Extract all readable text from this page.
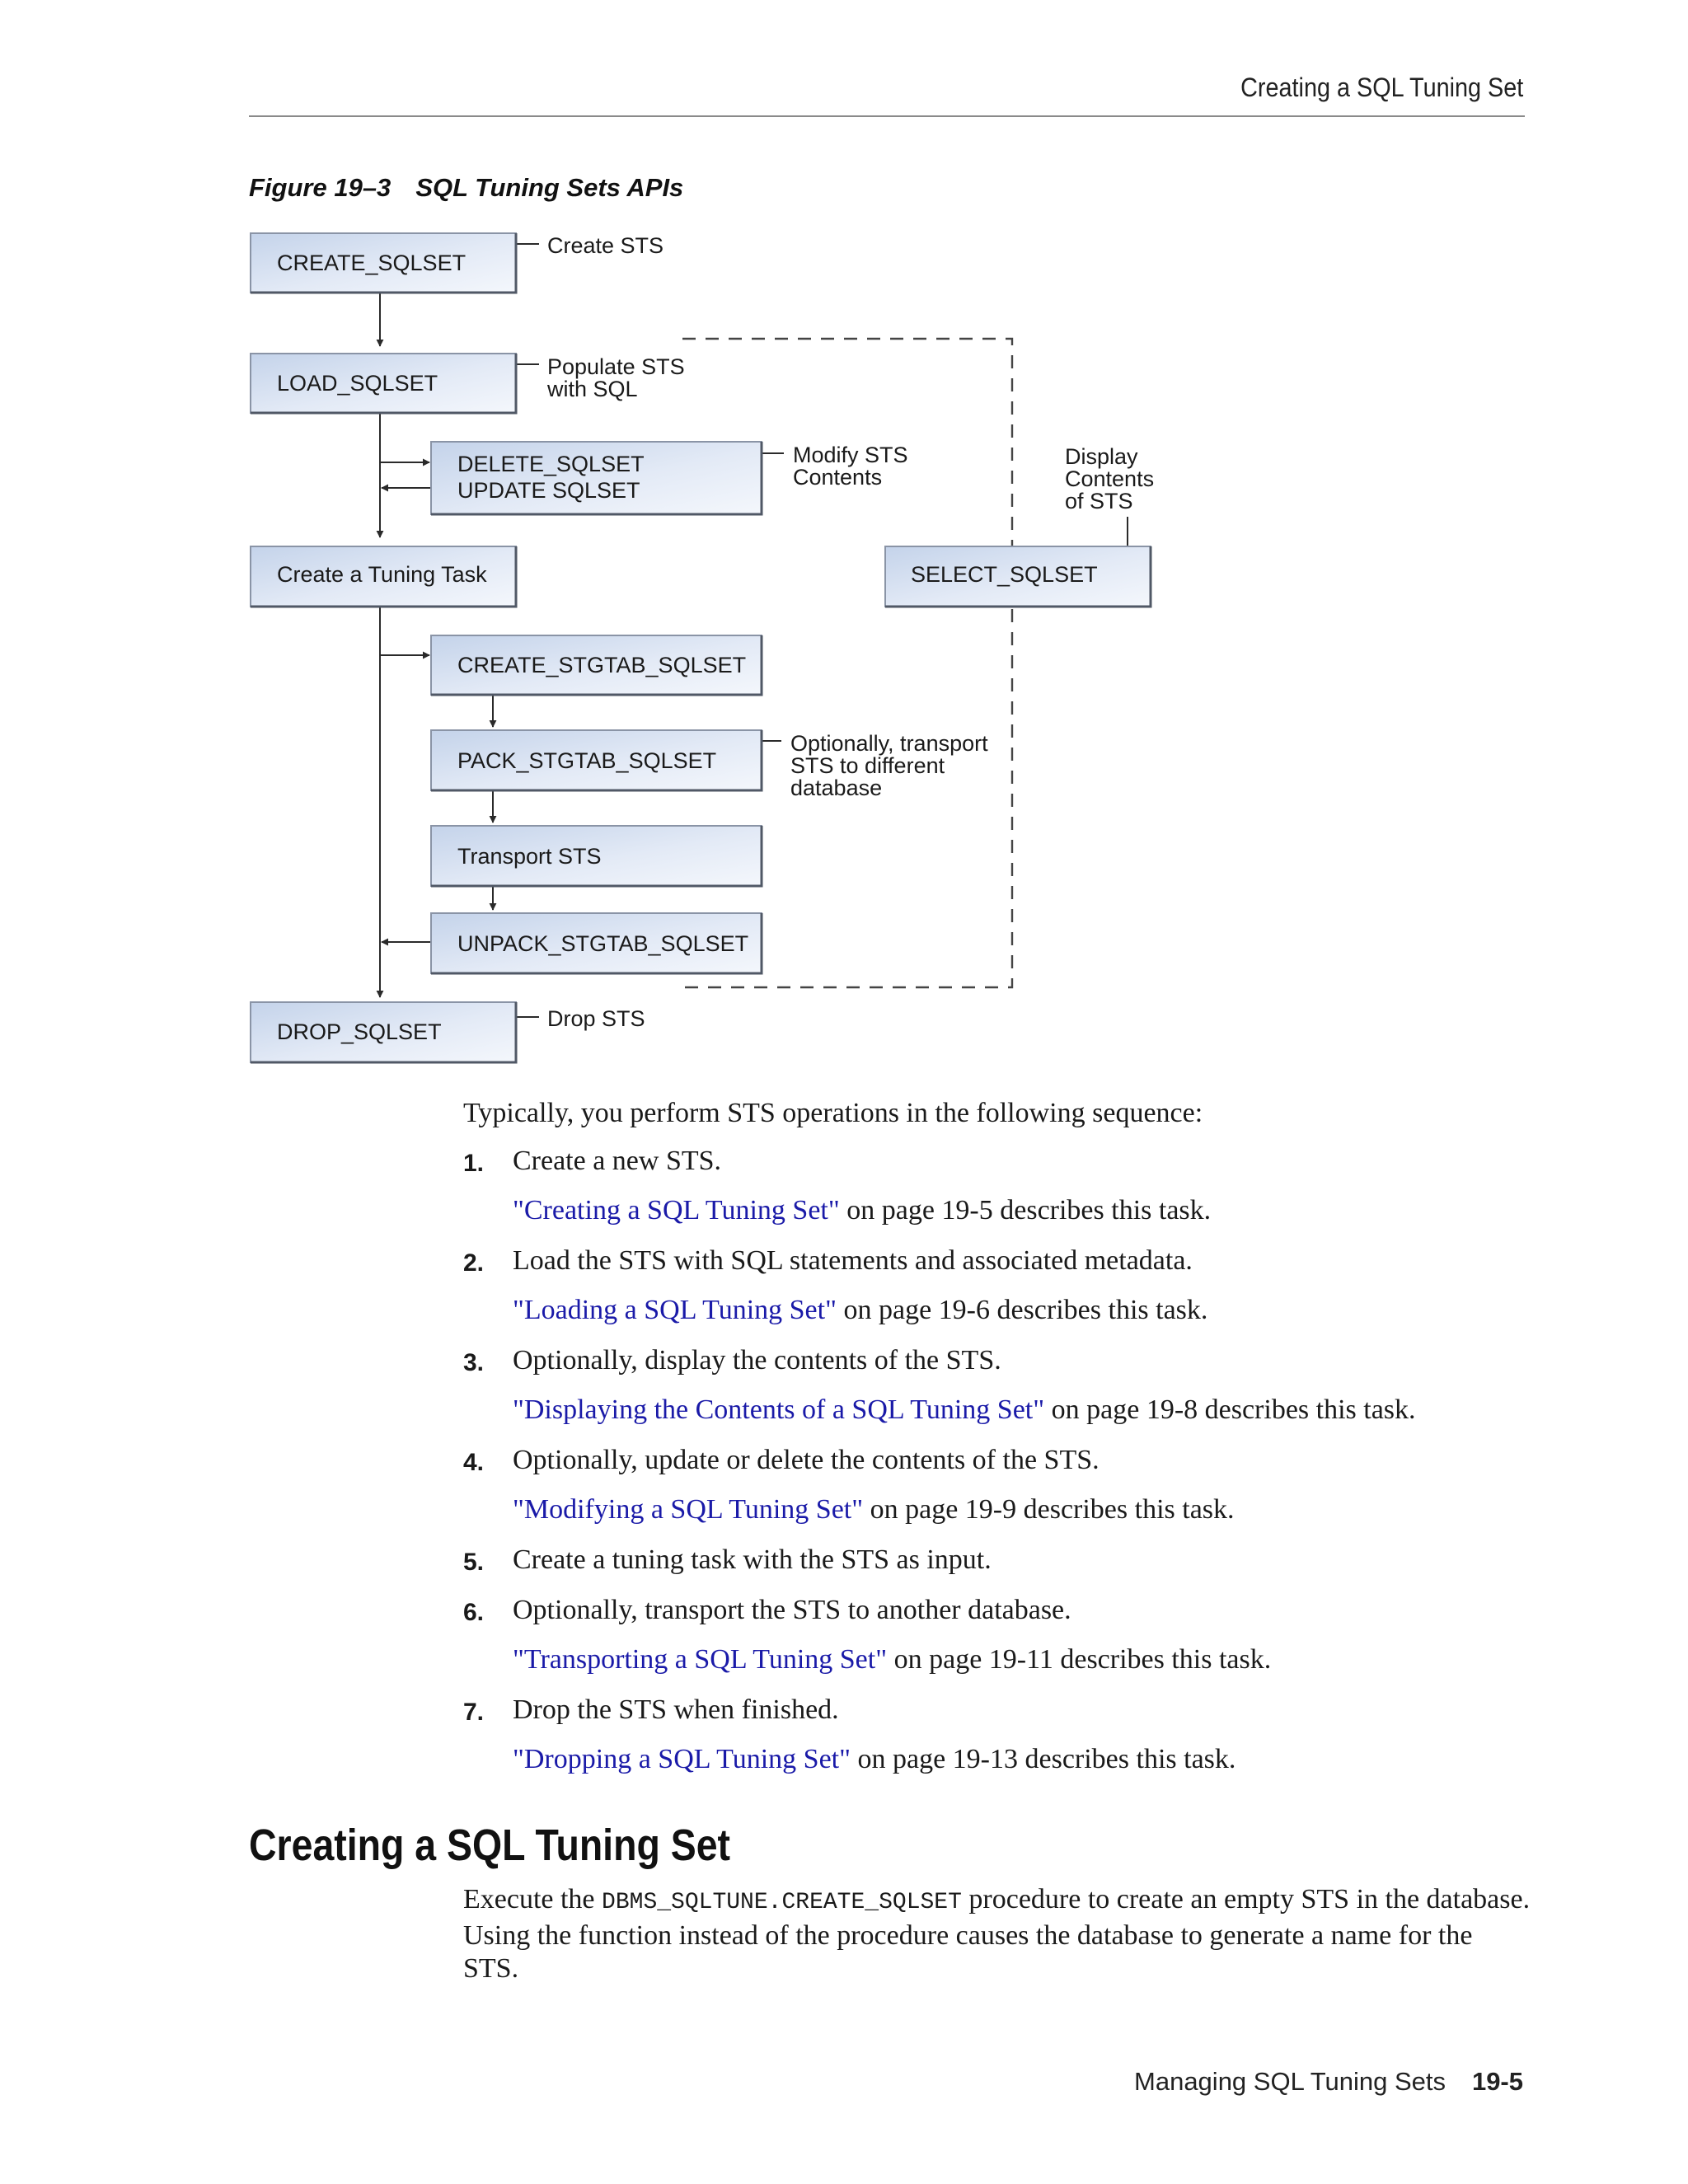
Creating a SQL Tuning Set
Figure 19–3 SQL Tuning Sets APIs
CREATE_SQLSET
LOAD_SQLSET
DELETE_SQLSET
UPDATE SQLSET
Create a Tuning Task	SELECT_SQLSET
CREATE_STGTAB_SQLSET
PACK_STGTAB_SQLSET
Transport STS
UNPACK_STGTAB_SQLSET
DROP_SQLSET
Create STS
Populate STS
with SQL
Modify STS
Contents
Display
Contents
of STS
Optionally, transport
STS to different
database
Drop STS
Typically, you perform STS operations in the following sequence:
1. Create a new STS.
"Creating a SQL Tuning Set" on page 19-5 describes this task.
2. Load the STS with SQL statements and associated metadata.
"Loading a SQL Tuning Set" on page 19-6 describes this task.
3. Optionally, display the contents of the STS.
"Displaying the Contents of a SQL Tuning Set" on page 19-8 describes this task.
4. Optionally, update or delete the contents of the STS.
"Modifying a SQL Tuning Set" on page 19-9 describes this task.
5. Create a tuning task with the STS as input.
6. Optionally, transport the STS to another database.
"Transporting a SQL Tuning Set" on page 19-11 describes this task.
7. Drop the STS when finished.
"Dropping a SQL Tuning Set" on page 19-13 describes this task.
Creating a SQL Tuning Set
Execute the DBMS_SQLTUNE.CREATE_SQLSET procedure to create an empty STS in the database. Using the function instead of the procedure causes the database to generate a name for the STS.
Managing SQL Tuning Sets 19-5
